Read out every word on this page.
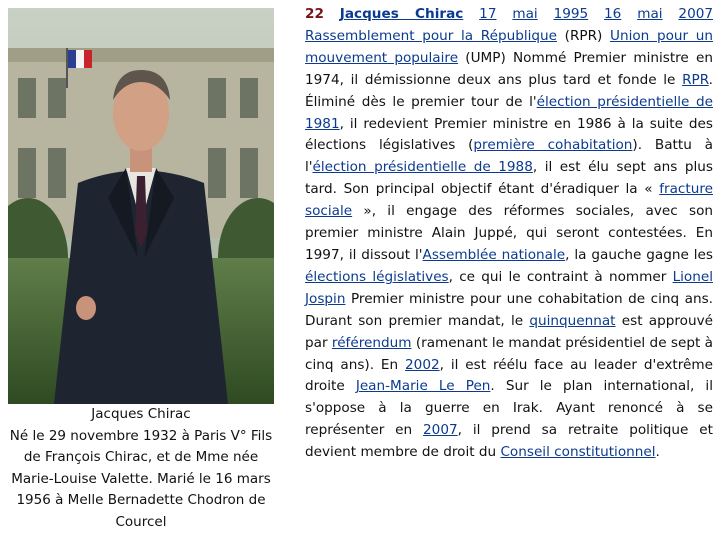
Jacques Chirac
Né le 29 novembre 1932 à Paris V° Fils de François Chirac, et de Mme née Marie-Louise Valette. Marié le 16 mars 1956 à Melle Bernadette Chodron de Courcel
22 Jacques Chirac 17 mai 1995 16 mai 2007 Rassemblement pour la République (RPR) Union pour un mouvement populaire (UMP) Nommé Premier ministre en 1974, il démissionne deux ans plus tard et fonde le RPR. Éliminé dès le premier tour de l'élection présidentielle de 1981, il redevient Premier ministre en 1986 à la suite des élections législatives (première cohabitation). Battu à l'élection présidentielle de 1988, il est élu sept ans plus tard. Son principal objectif étant d'éradiquer la « fracture sociale », il engage des réformes sociales, avec son premier ministre Alain Juppé, qui seront contestées. En 1997, il dissout l'Assemblée nationale, la gauche gagne les élections législatives, ce qui le contraint à nommer Lionel Jospin Premier ministre pour une cohabitation de cinq ans. Durant son premier mandat, le quinquennat est approuvé par référendum (ramenant le mandat présidentiel de sept à cinq ans). En 2002, il est réélu face au leader d'extrême droite Jean-Marie Le Pen. Sur le plan international, il s'oppose à la guerre en Irak. Ayant renoncé à se représenter en 2007, il prend sa retraite politique et devient membre de droit du Conseil constitutionnel.
